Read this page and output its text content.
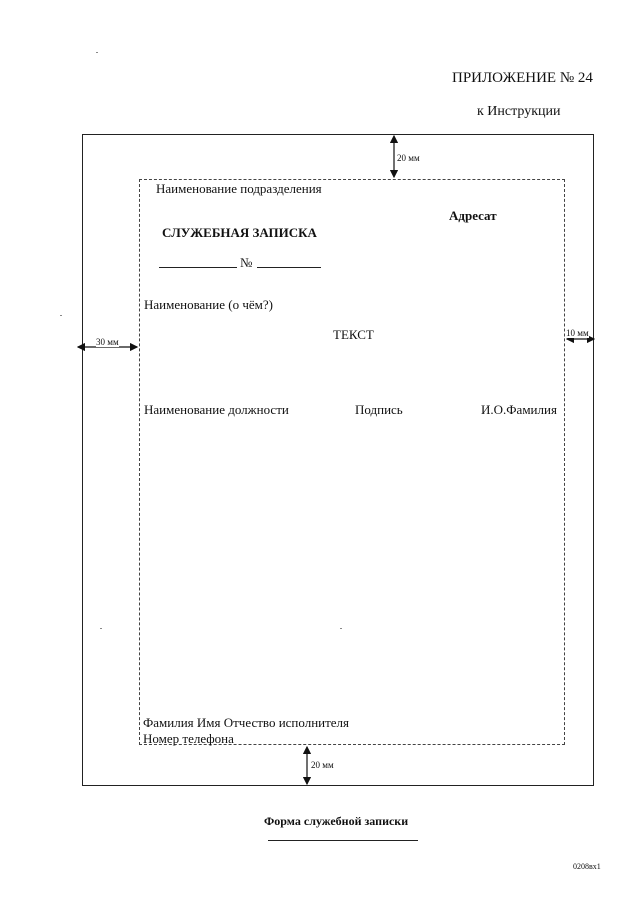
ПРИЛОЖЕНИЕ № 24
к Инструкции
Наименование подразделения
Адресат
СЛУЖЕБНАЯ ЗАПИСКА
№
Наименование (о чём?)
ТЕКСТ
Наименование должности	Подпись	И.О.Фамилия
Фамилия Имя Отчество исполнителя
Номер телефона
20 мм
30 мм
10 мм
20 мм
Форма служебной записки
0208вх1
